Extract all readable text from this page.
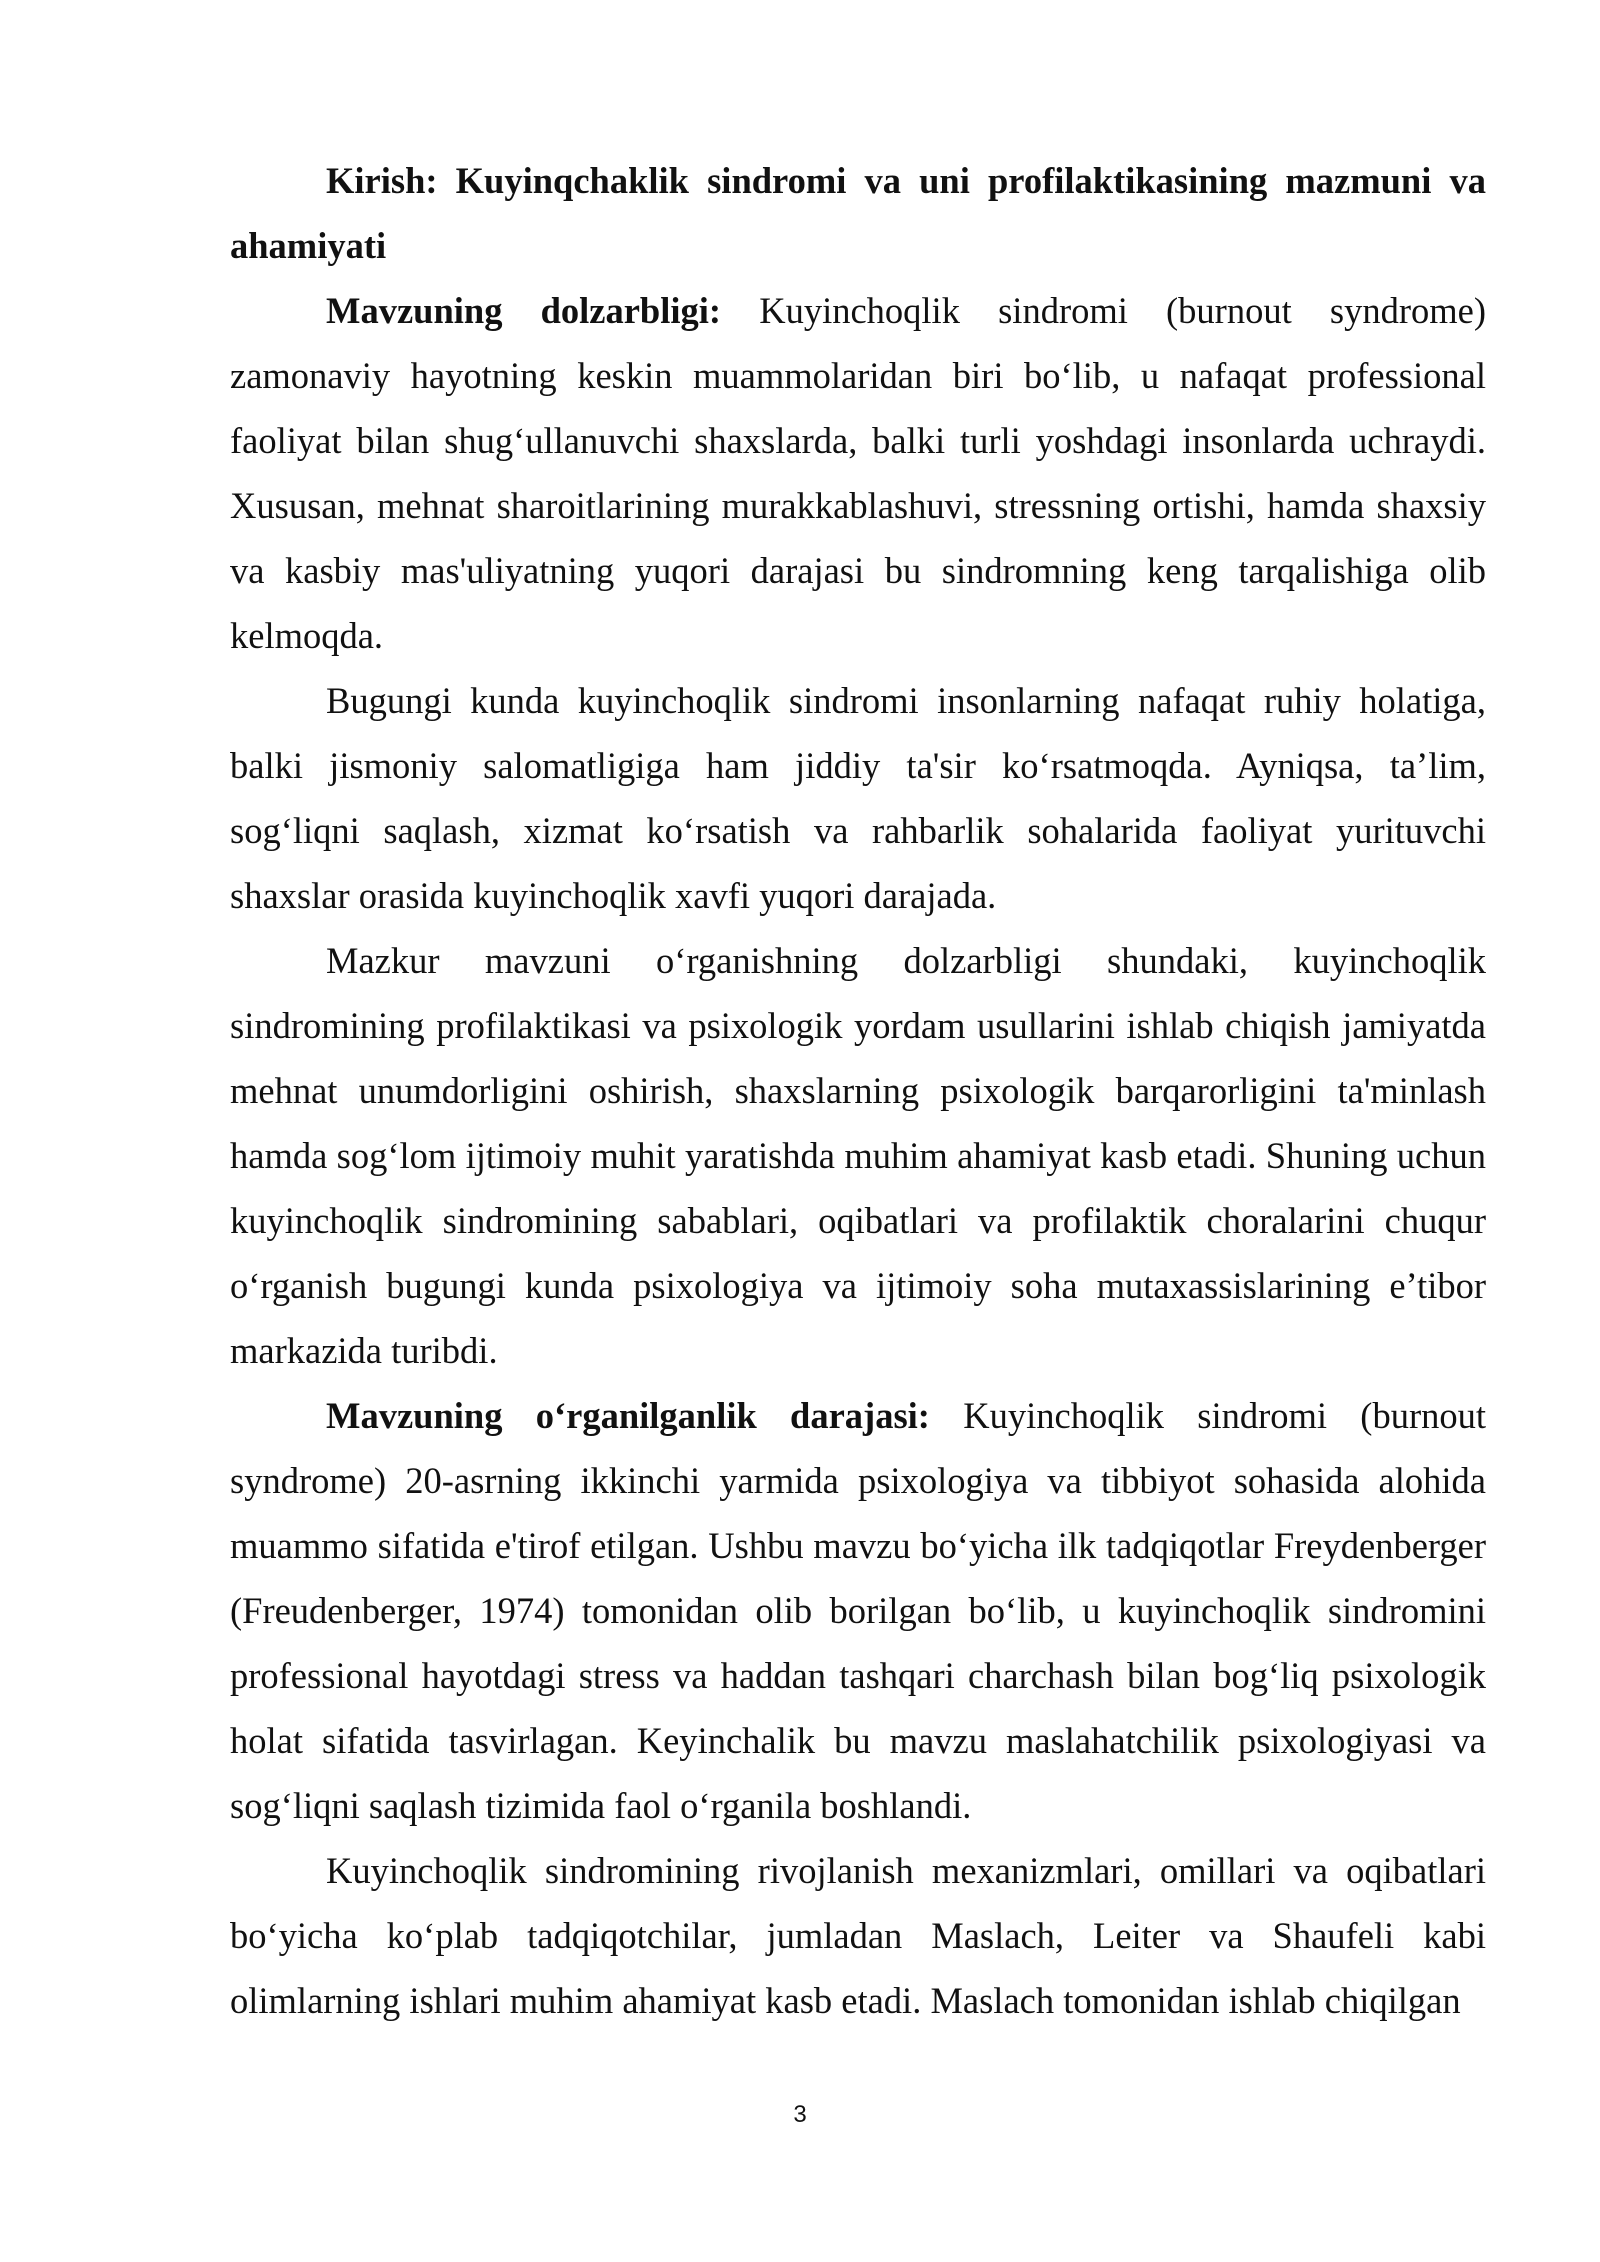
Kirish: Kuyinqchaklik sindromi va uni profilaktikasining mazmuni va ahamiyati

Mavzuning dolzarbligi: Kuyinchoqlik sindromi (burnout syndrome) zamonaviy hayotning keskin muammolaridan biri bo‘lib, u nafaqat professional faoliyat bilan shug‘ullanuvchi shaxslarda, balki turli yoshdagi insonlarda uchraydi. Xususan, mehnat sharoitlarining murakkablashuvi, stressning ortishi, hamda shaxsiy va kasbiy mas'uliyatning yuqori darajasi bu sindromning keng tarqalishiga olib kelmoqda.

Bugungi kunda kuyinchoqlik sindromi insonlarning nafaqat ruhiy holatiga, balki jismoniy salomatligiga ham jiddiy ta'sir ko‘rsatmoqda. Ayniqsa, ta’lim, sog‘liqni saqlash, xizmat ko‘rsatish va rahbarlik sohalarida faoliyat yurituvchi shaxslar orasida kuyinchoqlik xavfi yuqori darajada.

Mazkur mavzuni o‘rganishning dolzarbligi shundaki, kuyinchoqlik sindromining profilaktikasi va psixologik yordam usullarini ishlab chiqish jamiyatda mehnat unumdorligini oshirish, shaxslarning psixologik barqarorligini ta'minlash hamda sog‘lom ijtimoiy muhit yaratishda muhim ahamiyat kasb etadi. Shuning uchun kuyinchoqlik sindromining sabablari, oqibatlari va profilaktik choralarini chuqur o‘rganish bugungi kunda psixologiya va ijtimoiy soha mutaxassislarining e’tibor markazida turibdi.

Mavzuning o‘rganilganlik darajasi: Kuyinchoqlik sindromi (burnout syndrome) 20-asrning ikkinchi yarmida psixologiya va tibbiyot sohasida alohida muammo sifatida e'tirof etilgan. Ushbu mavzu bo‘yicha ilk tadqiqotlar Freydenberger (Freudenberger, 1974) tomonidan olib borilgan bo‘lib, u kuyinchoqlik sindromini professional hayotdagi stress va haddan tashqari charchash bilan bog‘liq psixologik holat sifatida tasvirlagan. Keyinchalik bu mavzu maslahatchilik psixologiyasi va sog‘liqni saqlash tizimida faol o‘rganila boshlandi.

Kuyinchoqlik sindromining rivojlanish mexanizmlari, omillari va oqibatlari bo‘yicha ko‘plab tadqiqotchilar, jumladan Maslach, Leiter va Shaufeli kabi olimlarning ishlari muhim ahamiyat kasb etadi. Maslach tomonidan ishlab chiqilgan

3
